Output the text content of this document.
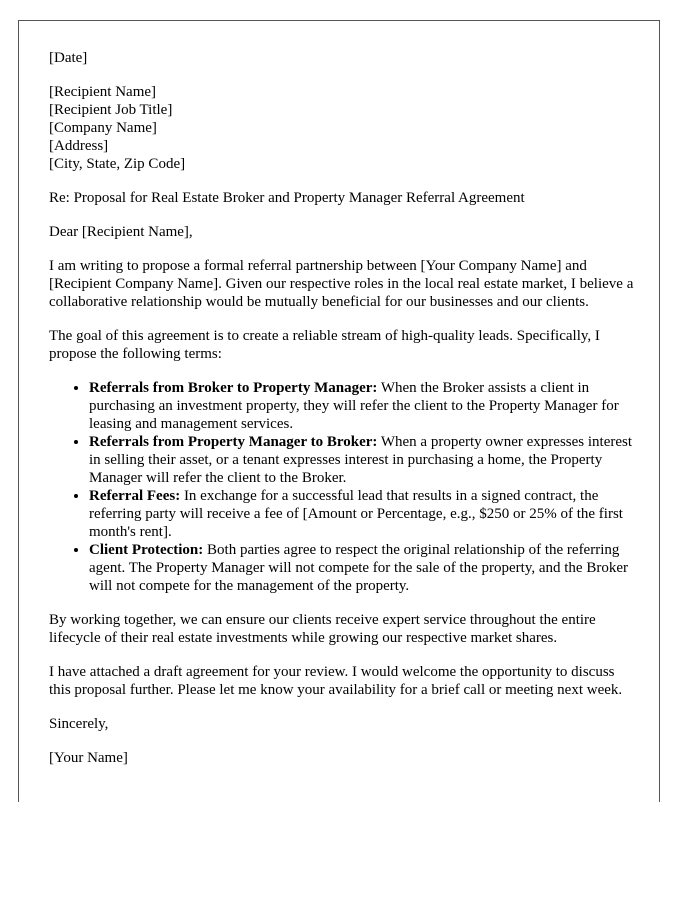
[Date]

[Recipient Name]
[Recipient Job Title]
[Company Name]
[Address]
[City, State, Zip Code]

Re: Proposal for Real Estate Broker and Property Manager Referral Agreement

Dear [Recipient Name],

I am writing to propose a formal referral partnership between [Your Company Name] and [Recipient Company Name]. Given our respective roles in the local real estate market, I believe a collaborative relationship would be mutually beneficial for our businesses and our clients.

The goal of this agreement is to create a reliable stream of high-quality leads. Specifically, I propose the following terms:

• Referrals from Broker to Property Manager: When the Broker assists a client in purchasing an investment property, they will refer the client to the Property Manager for leasing and management services.
• Referrals from Property Manager to Broker: When a property owner expresses interest in selling their asset, or a tenant expresses interest in purchasing a home, the Property Manager will refer the client to the Broker.
• Referral Fees: In exchange for a successful lead that results in a signed contract, the referring party will receive a fee of [Amount or Percentage, e.g., $250 or 25% of the first month's rent].
• Client Protection: Both parties agree to respect the original relationship of the referring agent. The Property Manager will not compete for the sale of the property, and the Broker will not compete for the management of the property.

By working together, we can ensure our clients receive expert service throughout the entire lifecycle of their real estate investments while growing our respective market shares.

I have attached a draft agreement for your review. I would welcome the opportunity to discuss this proposal further. Please let me know your availability for a brief call or meeting next week.

Sincerely,

[Your Name]
